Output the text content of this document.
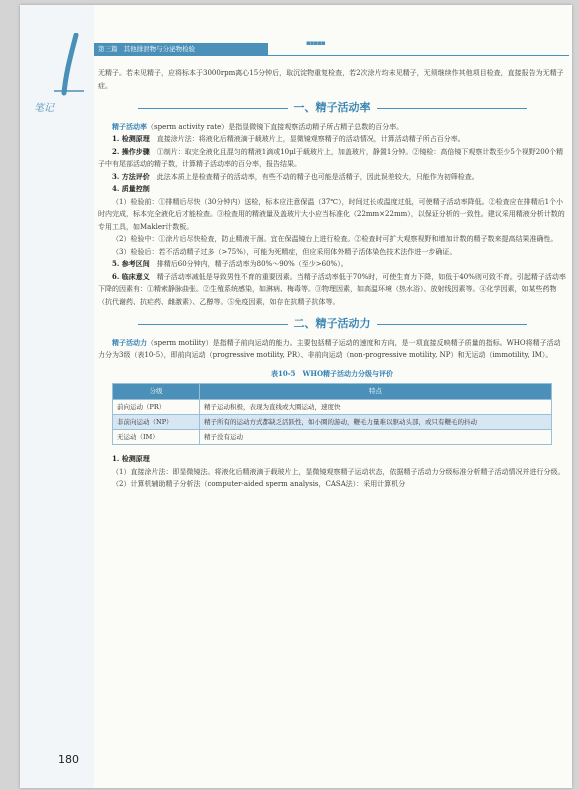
笔记
第三篇 其他排泄物与分泌物检验
▪▪▪▪▪

无精子。若未见精子，应将标本于3000rpm离心15分钟后，取沉淀物重复检查，若2次涂片均未见精子，无须继续作其他项目检查，直接报告为无精子症。

一、精子活动率

精子活动率（sperm activity rate）是指显微镜下直接观察活动精子所占精子总数的百分率。

1. 检测原理　 直接涂片法：将液化后精液滴于载玻片上，显微镜观察精子的活动情况，计算活动精子所占百分率。

2. 操作步骤　 ①制片：取完全液化且混匀的精液1滴或10μl于载玻片上，加盖玻片，静置1分钟。②镜检：高倍镜下观察计数至少5个视野200个精子中有尾部活动的精子数，计算精子活动率的百分率，报告结果。

3. 方法评价　 此法本质上是检查精子的活动率，有些不动的精子也可能是活精子，因此误差较大，只能作为初筛检查。

4. 质量控制

（1）检验前：①排精后尽快（30分钟内）送检，标本应注意保温（37℃），时间过长或温度过低，可使精子活动率降低。②检查应在排精后1个小时内完成，标本完全液化后才能检查。③检查用的精液量及盖玻片大小应当标准化（22mm×22mm），以保证分析的一致性。建议采用精液分析计数的专用工具，如Makler计数板。

（2）检验中：①涂片后尽快检查，防止精液干涸。宜在保温镜台上进行检查。②检查时可扩大观察视野和增加计数的精子数来提高结果准确性。

（3）检验后：若不活动精子过多（>75%），可能为死精症，但应采用体外精子活体染色技术法作进一步确证。

5. 参考区间　 排精后60分钟内，精子活动率为80%～90%（至少>60%）。

6. 临床意义　 精子活动率减低是导致男性不育的重要因素。当精子活动率低于70%时，可使生育力下降，如低于40%则可致不育。引起精子活动率下降的因素有：①精索静脉曲张。②生殖系统感染，如淋病、梅毒等。③物理因素，如高温环境（热水浴）、放射线因素等。④化学因素，如某些药物（抗代谢药、抗疟药、雌激素）、乙醇等。⑤免疫因素，如存在抗精子抗体等。

二、精子活动力

精子活动力（sperm motility）是指精子前向运动的能力。主要包括精子运动的速度和方向，是一项直接反映精子质量的指标。WHO将精子活动力分为3级（表10-5），即前向运动（progressive motility, PR）、非前向运动（non-progressive motility, NP）和无运动（immotility, IM）。

表10-5　WHO精子活动力分级与评价
分级	特点
前向运动（PR）	精子运动积极，表现为直线或大圈运动，速度快
非前向运动（NP）	精子所有的运动方式都缺乏活跃性，如小圈的游动，鞭毛力量难以驱动头部，或只有鞭毛的抖动
无运动（IM）	精子没有运动

1. 检测原理

（1）直接涂片法：即显微镜法。将液化后精液滴于载玻片上，显微镜观察精子运动状态，依据精子活动力分级标准分析精子活动情况并进行分级。

（2）计算机辅助精子分析法（computer-aided sperm analysis，CASA法）：采用计算机分

180
